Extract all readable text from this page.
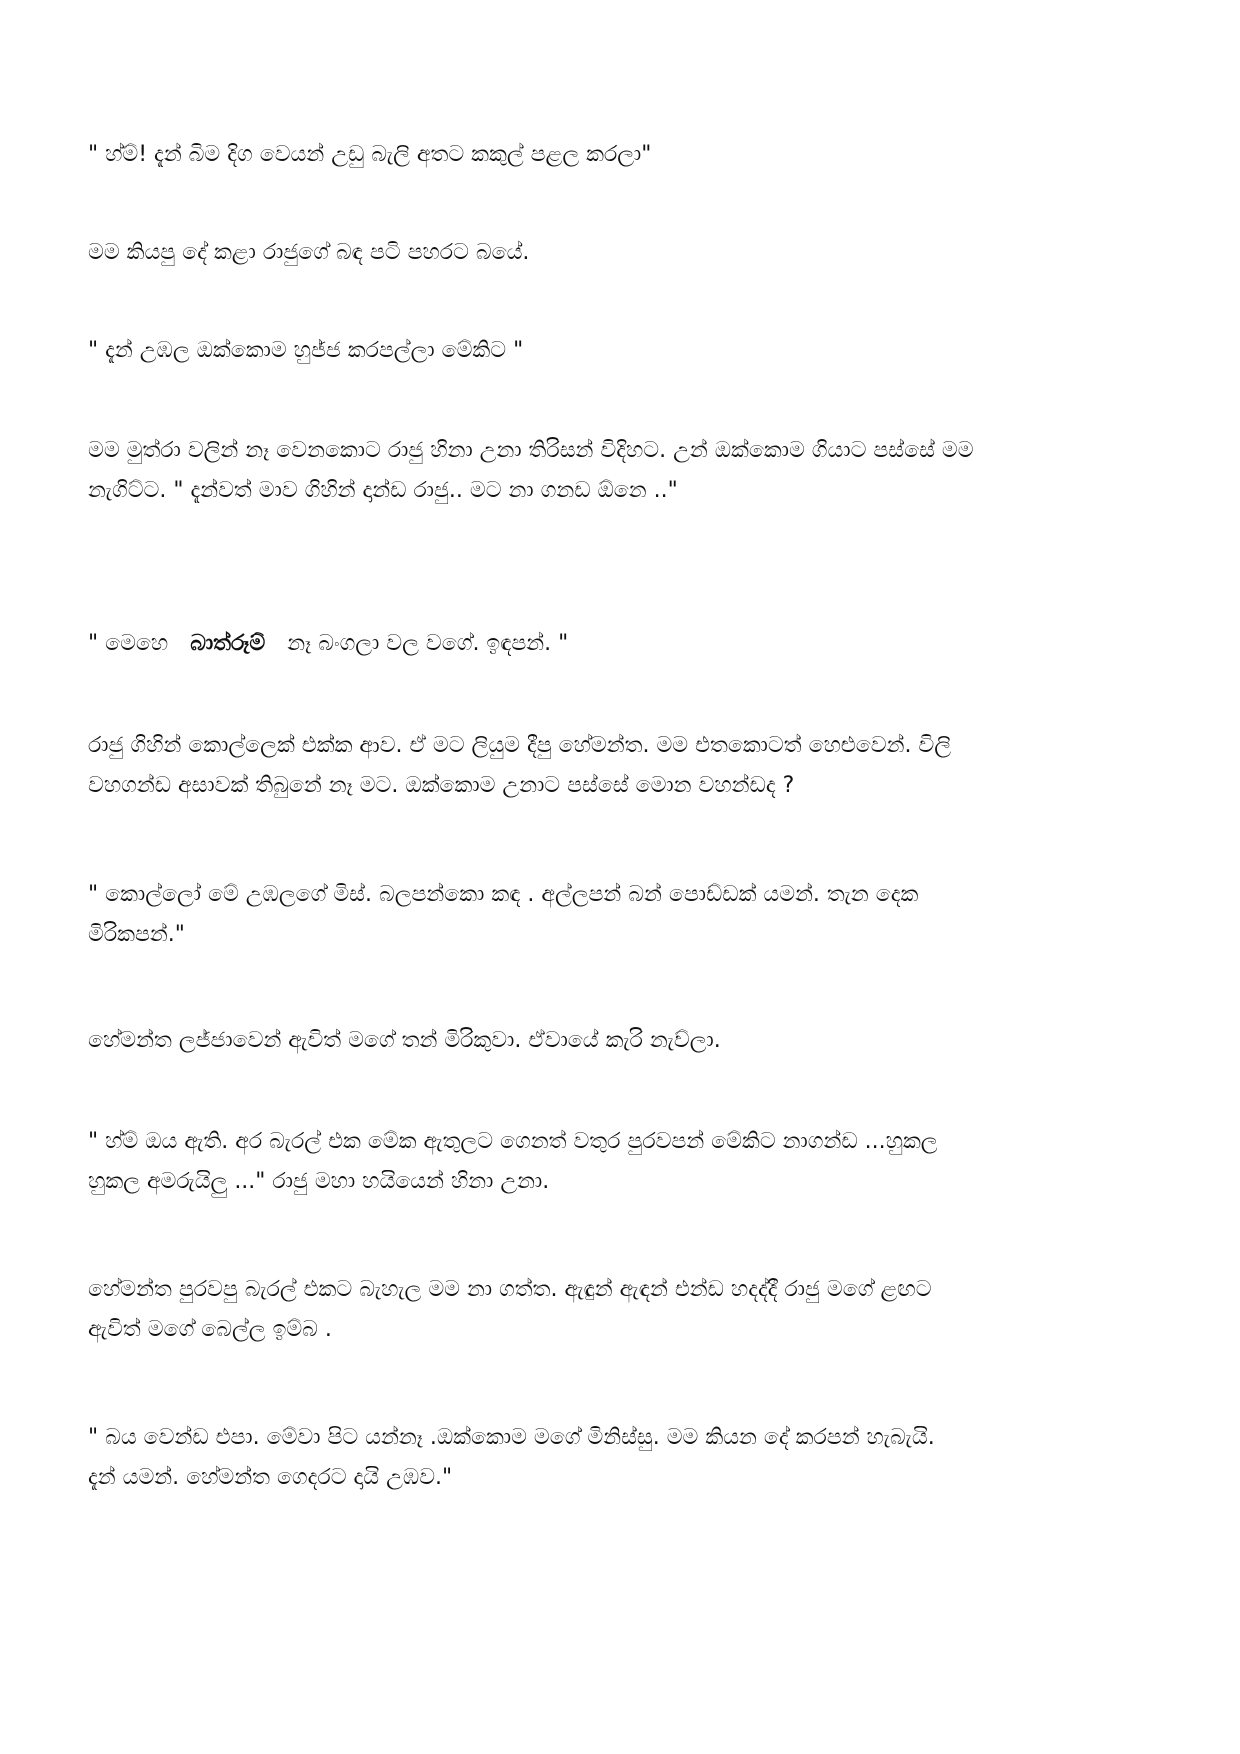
" හ්ම්! දැන් බිම දිග වෙයන් උඩු බැලි අතට කකුල් පළල කරලා"

මම කියපු දේ කළා රාජුගේ බඳ පටි පහරට බයේ.

" දැන් උඹල ඔක්කොම හුජ්ජ කරපල්ලා මේකිට "

මම මුත්රා වලින් නෑ වෙනකොට රාජු හිනා උනා තිරිසන් විදිහට. උන් ඔක්කොම ගියාට පස්සේ මම
නැගිට්ට. " දැන්වත් මාව ගිහින් දාන්ඩ රාජු.. මට නා ගනඩ ඕනෙ .."

" මෙහෙ බාත්රූම් නෑ බංගලා වල වගේ. ඉඳපන්. "

රාජු ගිහින් කොල්ලෙක් එක්ක ආව. ඒ මට ලියුම දීපු හේමන්ත. මම එතකොටත් හෙළුවෙන්. විලි
වහගන්ඩ අසාවක් තිබුනේ නෑ මට. ඔක්කොම උනාට පස්සේ මොන වහන්ඩද ?

" කොල්ලෝ මේ උඹලගේ මිස්. බලපන්කො කඳ . අල්ලපන් බන් පොඩ්ඩක් යමන්. තැන දෙක
මිරිකපන්."

හේමන්ත ලජ්ජාවෙන් ඇවිත් මගේ තන් මිරිකුවා. ඒවායේ කැරි නැව්ලා.

" හ්ම් ඔය ඇති. අර බැරල් එක මේක ඇතුලට ගෙනත් වතුර පුරවපන් මේකිට නාගන්ඩ ...හුකල
හුකල අමරුයිලු ..." රාජු මහා හයියෙන් හිනා උනා.

හේමන්ත පුරවපු බැරල් එකට බැහැල මම නා ගත්ත. ඇඳුන් ඇඳන් එන්ඩ හදද්දී රාජු මගේ ළඟට
ඇවිත් මගේ බෙල්ල ඉම්බ .

" බය වෙන්ඩ එපා. මේවා පිට යන්නෑ .ඔක්කොම මගේ මිනිස්සු. මම කියන දේ කරපන් හැබැයි.
දැන් යමන්. හේමන්ත ගෙදරට දායි උඹව."
